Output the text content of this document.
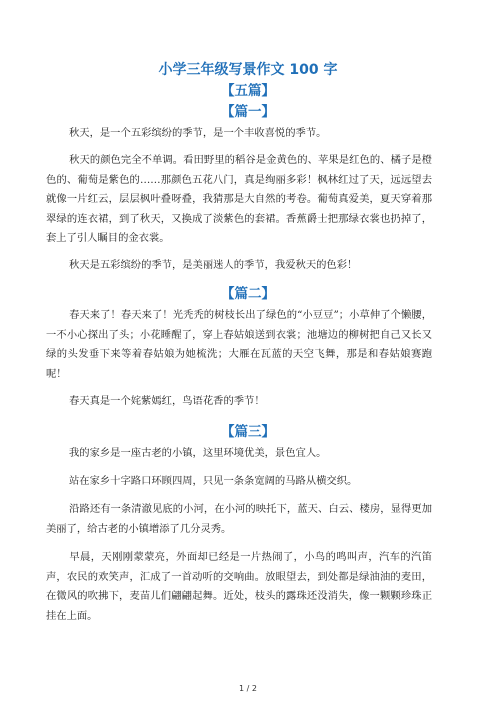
小学三年级写景作文 100 字
【五篇】
【篇一】

秋天，是一个五彩缤纷的季节，是一个丰收喜悦的季节。

秋天的颜色完全不单调。看田野里的稻谷是金黄色的、苹果是红色的、橘子是橙色的、葡萄是紫色的……那颜色五花八门，真是绚丽多彩！枫林红过了天，远远望去就像一片红云，层层枫叶叠呀叠，我猜那是大自然的考卷。葡萄真爱美，夏天穿着那翠绿的连衣裙，到了秋天，又换成了淡紫色的套裙。香蕉爵士把那绿衣裳也扔掉了，套上了引人瞩目的金衣裳。

秋天是五彩缤纷的季节，是美丽迷人的季节，我爱秋天的色彩！

【篇二】

春天来了！春天来了！光秃秃的树枝长出了绿色的“小豆豆”；小草伸了个懒腰，一不小心探出了头；小花睡醒了，穿上春姑娘送到衣裳；池塘边的柳树把自己又长又绿的头发垂下来等着春姑娘为她梳洗；大雁在瓦蓝的天空飞舞，那是和春姑娘赛跑呢！

春天真是一个姹紫嫣红，鸟语花香的季节！

【篇三】

我的家乡是一座古老的小镇，这里环境优美，景色宜人。

站在家乡十字路口环顾四周，只见一条条宽阔的马路从横交织。

沿路还有一条清澈见底的小河，在小河的映托下，蓝天、白云、楼房，显得更加美丽了，给古老的小镇增添了几分灵秀。

早晨，天刚刚蒙蒙亮，外面却已经是一片热闹了，小鸟的鸣叫声，汽车的汽笛声，农民的欢笑声，汇成了一首动听的交响曲。放眼望去，到处都是绿油油的麦田，在微风的吹拂下，麦苗儿们翩翩起舞。近处，枝头的露珠还没消失，像一颗颗珍珠正挂在上面。

1 / 2
